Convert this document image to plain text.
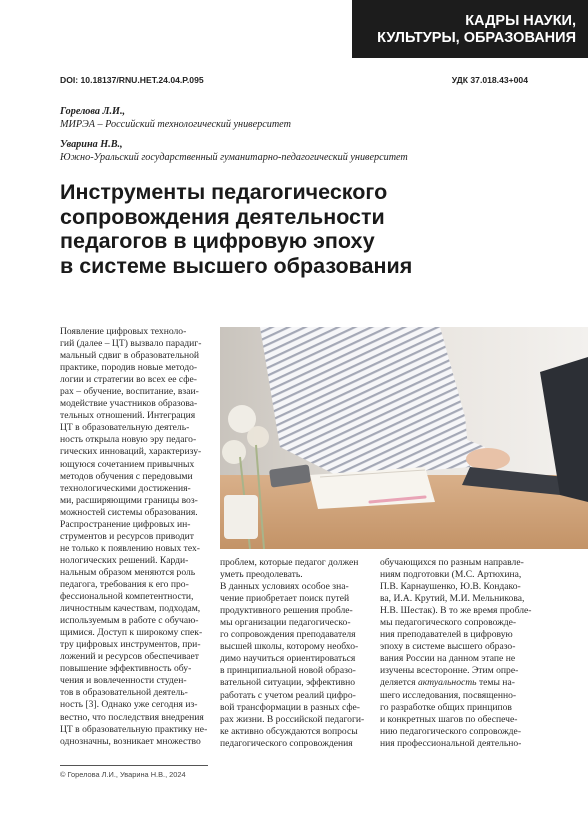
КАДРЫ НАУКИ,
КУЛЬТУРЫ, ОБРАЗОВАНИЯ
DOI: 10.18137/RNU.HET.24.04.P.095	УДК 37.018.43+004
Горелова Л.И.,
МИРЭА – Российский технологический университет
Уварина Н.В.,
Южно-Уральский государственный гуманитарно-педагогический университет
Инструменты педагогического
сопровождения деятельности
педагогов в цифровую эпоху
в системе высшего образования
Появление цифровых техноло-
гий (далее – ЦТ) вызвало парадиг-
мальный сдвиг в образовательной
практике, породив новые методо-
логии и стратегии во всех ее сфе-
рах – обучение, воспитание, взаи-
модействие участников образова-
тельных отношений. Интеграция
ЦТ в образовательную деятель-
ность открыла новую эру педаго-
гических инноваций, характеризу-
ющуюся сочетанием привычных
методов обучения с передовыми
технологическими достижения-
ми, расширяющими границы воз-
можностей системы образования.
Распространение цифровых ин-
струментов и ресурсов приводит
не только к появлению новых тех-
нологических решений. Карди-
нальным образом меняются роль
педагога, требования к его про-
фессиональной компетентности,
личностным качествам, подходам,
используемым в работе с обучаю-
щимися. Доступ к широкому спек-
тру цифровых инструментов, при-
ложений и ресурсов обеспечивает
повышение эффективность обу-
чения и вовлеченности студен-
тов в образовательной деятель-
ность [3]. Однако уже сегодня из-
вестно, что последствия внедрения
ЦТ в образовательную практику не-
однозначны, возникает множество
проблем, которые педагог должен
уметь преодолевать.
В данных условиях особое зна-
чение приобретает поиск путей
продуктивного решения пробле-
мы организации педагогическо-
го сопровождения преподавателя
высшей школы, которому необхо-
димо научиться ориентироваться
в принципиальной новой образо-
вательной ситуации, эффективно
работать с учетом реалий цифро-
вой трансформации в разных сфе-
рах жизни. В российской педагоги-
ке активно обсуждаются вопросы
педагогического сопровождения
обучающихся по разным направле-
ниям подготовки (М.С. Артюхина,
П.В. Карнаушенко, Ю.В. Кондако-
ва, И.А. Крутий, М.И. Мельникова,
Н.В. Шестак). В то же время пробле-
мы педагогического сопровожде-
ния преподавателей в цифровую
эпоху в системе высшего образо-
вания России на данном этапе не
изучены всесторонне. Этим опре-
деляется актуальность темы на-
шего исследования, посвященно-
го разработке общих принципов
и конкретных шагов по обеспече-
нию педагогического сопровожде-
ния профессиональной деятельно-
© Горелова Л.И., Уварина Н.В., 2024
